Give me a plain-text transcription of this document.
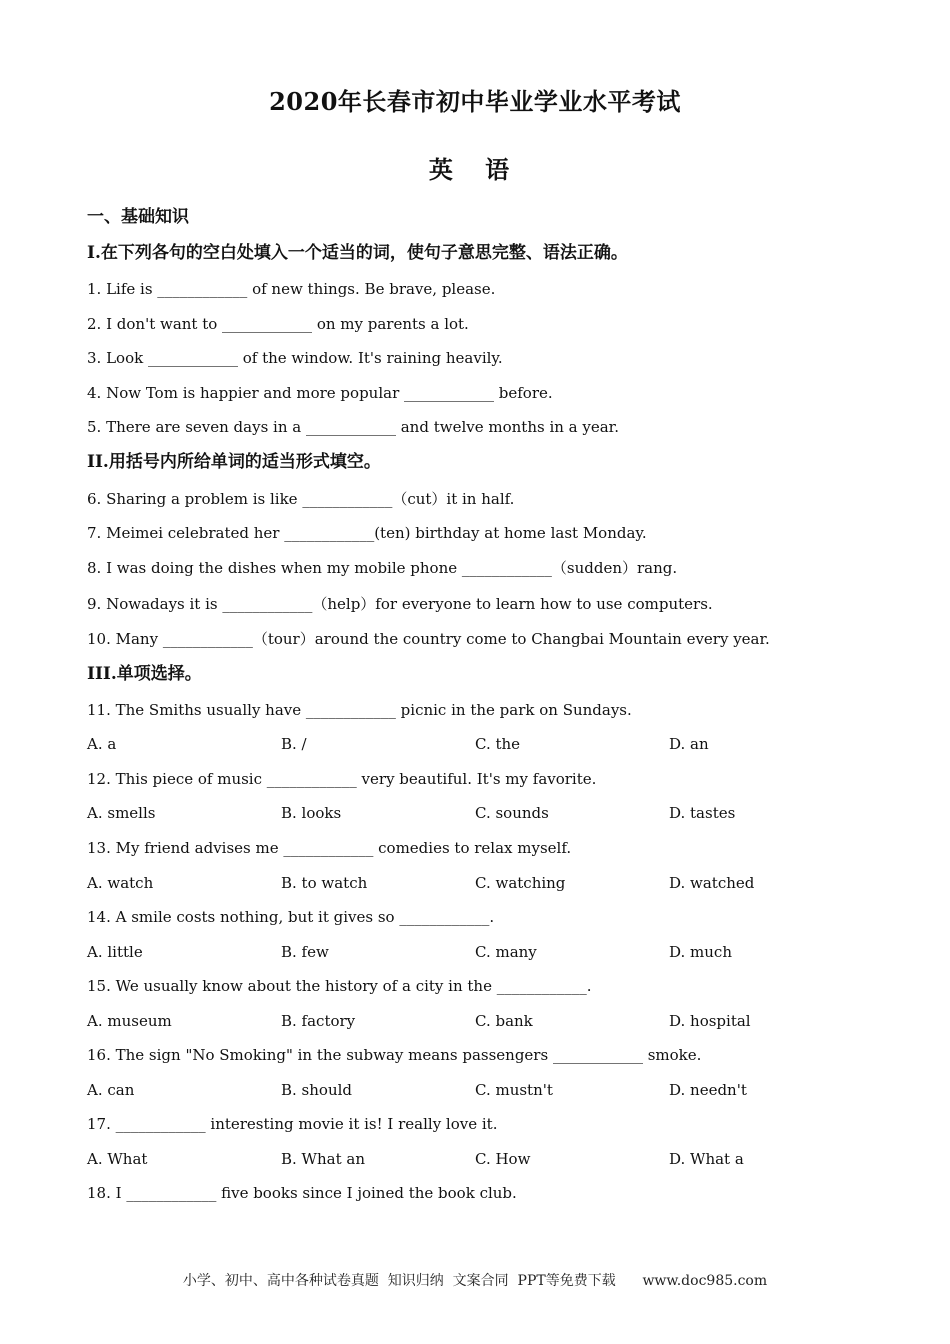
2020年长春市初中毕业学业水平考试
英 语
一、基础知识
I.在下列各句的空白处填入一个适当的词，使句子意思完整、语法正确。
1. Life is ____________ of new things. Be brave, please.
2. I don't want to ____________ on my parents a lot.
3. Look ____________ of the window. It's raining heavily.
4. Now Tom is happier and more popular ____________ before.
5. There are seven days in a ____________ and twelve months in a year.
II.用括号内所给单词的适当形式填空。
6. Sharing a problem is like ____________（cut）it in half.
7. Meimei celebrated her ____________(ten) birthday at home last Monday.
8. I was doing the dishes when my mobile phone ____________（sudden）rang.
9. Nowadays it is ____________（help）for everyone to learn how to use computers.
10. Many ____________（tour）around the country come to Changbai Mountain every year.
III.单项选择。
11. The Smiths usually have ____________ picnic in the park on Sundays.
A. a	B. /	C. the	D. an
12. This piece of music ____________ very beautiful. It's my favorite.
A. smells	B. looks	C. sounds	D. tastes
13. My friend advises me ____________ comedies to relax myself.
A. watch	B. to watch	C. watching	D. watched
14. A smile costs nothing, but it gives so ____________.
A. little	B. few	C. many	D. much
15. We usually know about the history of a city in the ____________.
A. museum	B. factory	C. bank	D. hospital
16. The sign "No Smoking" in the subway means passengers ____________ smoke.
A. can	B. should	C. mustn't	D. needn't
17. ____________ interesting movie it is! I really love it.
A. What	B. What an	C. How	D. What a
18. I ____________ five books since I joined the book club.
小学、初中、高中各种试卷真题  知识归纳  文案合同  PPT等免费下载      www.doc985.com
